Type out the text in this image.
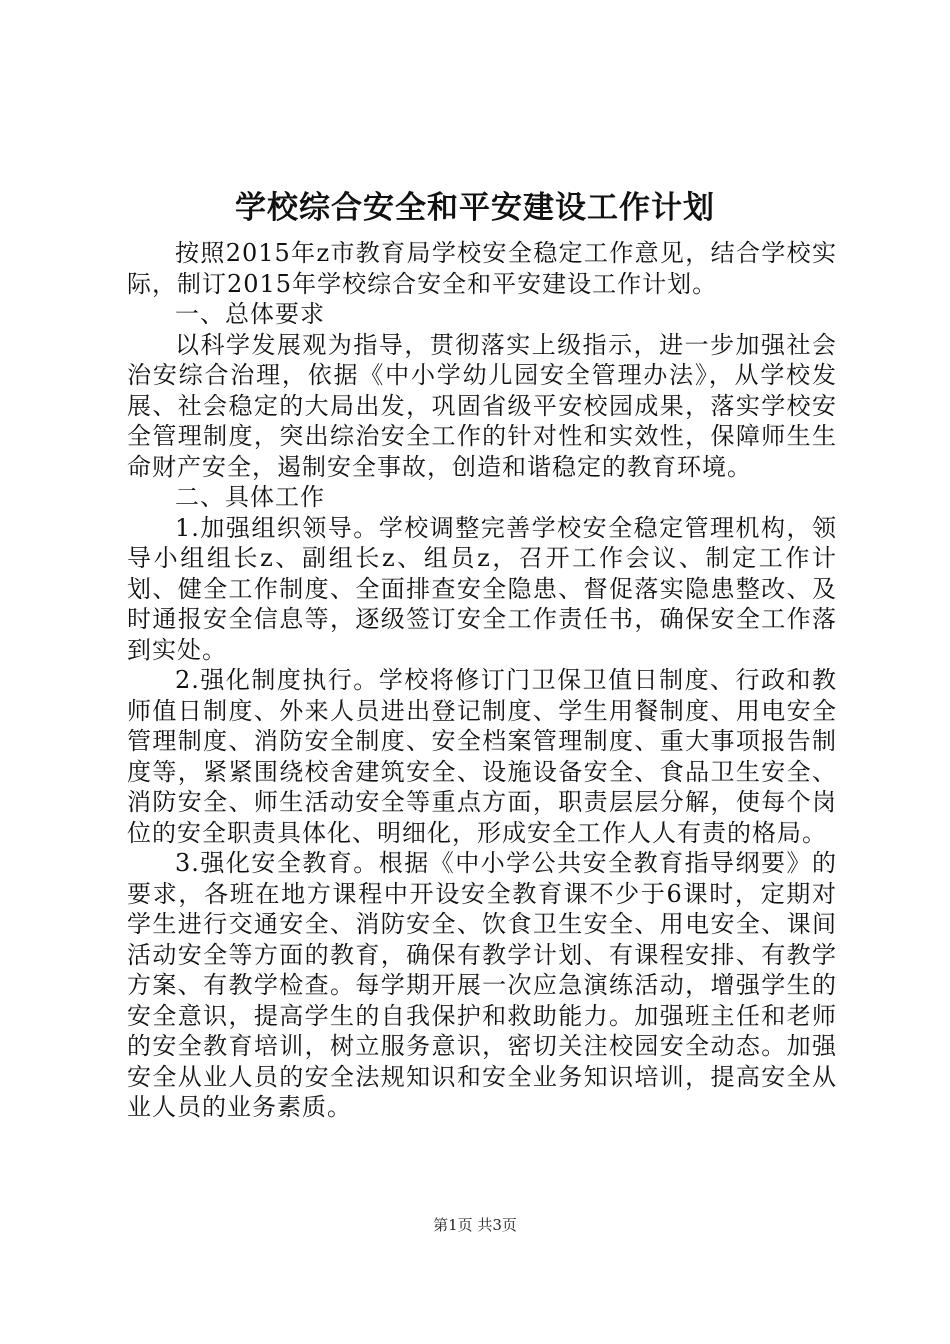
学校综合安全和平安建设工作计划

按照2015年z市教育局学校安全稳定工作意见，结合学校实际，制订2015年学校综合安全和平安建设工作计划。

一、总体要求

以科学发展观为指导，贯彻落实上级指示，进一步加强社会治安综合治理，依据《中小学幼儿园安全管理办法》，从学校发展、社会稳定的大局出发，巩固省级平安校园成果，落实学校安全管理制度，突出综治安全工作的针对性和实效性，保障师生生命财产安全，遏制安全事故，创造和谐稳定的教育环境。

二、具体工作

1.加强组织领导。学校调整完善学校安全稳定管理机构，领导小组组长z、副组长z、组员z，召开工作会议、制定工作计划、健全工作制度、全面排查安全隐患、督促落实隐患整改、及时通报安全信息等，逐级签订安全工作责任书，确保安全工作落到实处。

2.强化制度执行。学校将修订门卫保卫值日制度、行政和教师值日制度、外来人员进出登记制度、学生用餐制度、用电安全管理制度、消防安全制度、安全档案管理制度、重大事项报告制度等，紧紧围绕校舍建筑安全、设施设备安全、食品卫生安全、消防安全、师生活动安全等重点方面，职责层层分解，使每个岗位的安全职责具体化、明细化，形成安全工作人人有责的格局。

3.强化安全教育。根据《中小学公共安全教育指导纲要》的要求，各班在地方课程中开设安全教育课不少于6课时，定期对学生进行交通安全、消防安全、饮食卫生安全、用电安全、课间活动安全等方面的教育，确保有教学计划、有课程安排、有教学方案、有教学检查。每学期开展一次应急演练活动，增强学生的安全意识，提高学生的自我保护和救助能力。加强班主任和老师的安全教育培训，树立服务意识，密切关注校园安全动态。加强安全从业人员的安全法规知识和安全业务知识培训，提高安全从业人员的业务素质。

第1页 共3页
